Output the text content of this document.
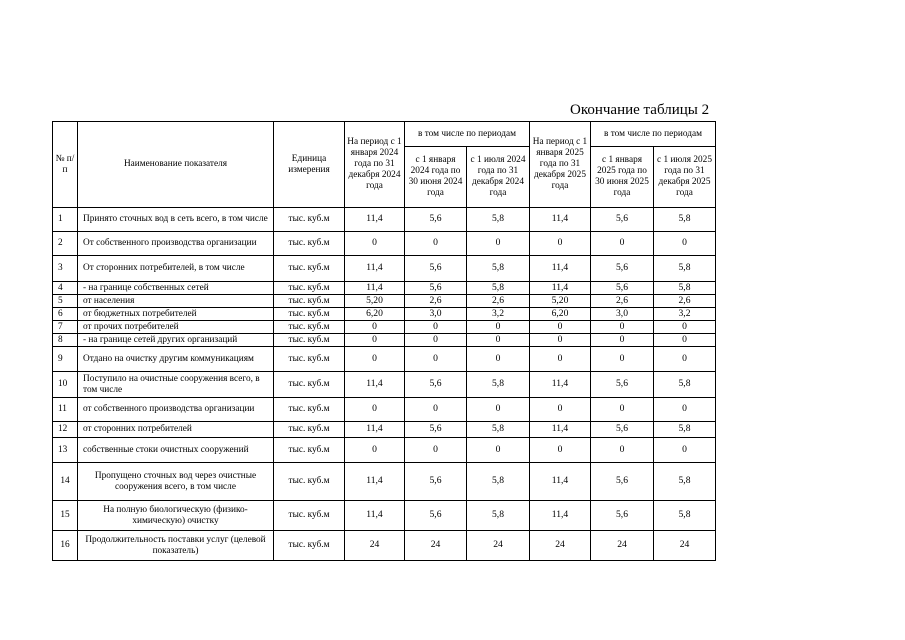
Окончание таблицы 2
№ п/п	Наименование показателя	Единица измерения	На период с 1 января 2024 года по 31 декабря 2024 года	в том числе по периодам		На период с 1 января 2025 года по 31 декабря 2025 года	в том числе по периодам	
				с 1 января 2024 года по 30 июня 2024 года	с 1 июля 2024 года по 31 декабря 2024 года		с 1 января 2025 года по 30 июня 2025 года	с 1 июля 2025 года по 31 декабря 2025 года
1	Принято сточных вод в сеть всего, в том числе	тыс. куб.м	11,4	5,6	5,8	11,4	5,6	5,8
2	От собственного производства организации	тыс. куб.м	0	0	0	0	0	0
3	От сторонних потребителей, в том числе	тыс. куб.м	11,4	5,6	5,8	11,4	5,6	5,8
4	- на границе собственных сетей	тыс. куб.м	11,4	5,6	5,8	11,4	5,6	5,8
5	от населения	тыс. куб.м	5,20	2,6	2,6	5,20	2,6	2,6
6	от бюджетных потребителей	тыс. куб.м	6,20	3,0	3,2	6,20	3,0	3,2
7	от прочих потребителей	тыс. куб.м	0	0	0	0	0	0
8	- на границе сетей других организаций	тыс. куб.м	0	0	0	0	0	0
9	Отдано на очистку другим коммуникациям	тыс. куб.м	0	0	0	0	0	0
10	Поступило на очистные сооружения всего, в том числе	тыс. куб.м	11,4	5,6	5,8	11,4	5,6	5,8
11	от собственного производства организации	тыс. куб.м	0	0	0	0	0	0
12	от сторонних потребителей	тыс. куб.м	11,4	5,6	5,8	11,4	5,6	5,8
13	собственные стоки очистных сооружений	тыс. куб.м	0	0	0	0	0	0
14	Пропущено сточных вод через очистные сооружения всего, в том числе	тыс. куб.м	11,4	5,6	5,8	11,4	5,6	5,8
15	На полную биологическую (физико-химическую) очистку	тыс. куб.м	11,4	5,6	5,8	11,4	5,6	5,8
16	Продолжительность поставки услуг (целевой показатель)	тыс. куб.м	24	24	24	24	24	24
